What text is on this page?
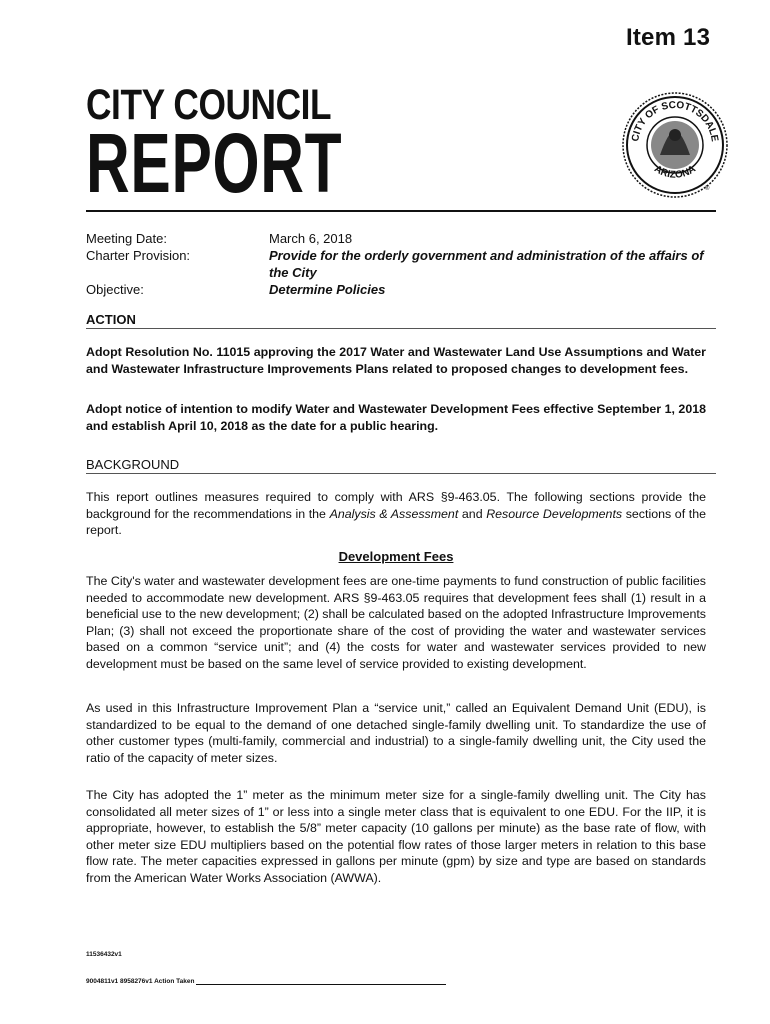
Item 13
CITY COUNCIL
REPORT	CITY OF SCOTTSDALE
ARIZONA
®
Meeting Date:	March 6, 2018
Charter Provision:	Provide for the orderly government and administration of the affairs of the City
Objective:	Determine Policies
ACTION

Adopt Resolution No. 11015 approving the 2017 Water and Wastewater Land Use Assumptions and Water and Wastewater Infrastructure Improvements Plans related to proposed changes to development fees.

Adopt notice of intention to modify Water and Wastewater Development Fees effective September 1, 2018 and establish April 10, 2018 as the date for a public hearing.

BACKGROUND

This report outlines measures required to comply with ARS §9-463.05. The following sections provide the background for the recommendations in the Analysis & Assessment and Resource Developments sections of the report.

Development Fees

The City's water and wastewater development fees are one-time payments to fund construction of public facilities needed to accommodate new development. ARS §9-463.05 requires that development fees shall (1) result in a beneficial use to the new development; (2) shall be calculated based on the adopted Infrastructure Improvements Plan; (3) shall not exceed the proportionate share of the cost of providing the water and wastewater services based on a common “service unit”; and (4) the costs for water and wastewater services provided to new development must be based on the same level of service provided to existing development.

As used in this Infrastructure Improvement Plan a “service unit,” called an Equivalent Demand Unit (EDU), is standardized to be equal to the demand of one detached single-family dwelling unit. To standardize the use of other customer types (multi-family, commercial and industrial) to a single-family dwelling unit, the City used the ratio of the capacity of meter sizes.

The City has adopted the 1” meter as the minimum meter size for a single-family dwelling unit. The City has consolidated all meter sizes of 1” or less into a single meter class that is equivalent to one EDU. For the IIP, it is appropriate, however, to establish the 5/8” meter capacity (10 gallons per minute) as the base rate of flow, with other meter size EDU multipliers based on the potential flow rates of those larger meters in relation to this base flow rate. The meter capacities expressed in gallons per minute (gpm) by size and type are based on standards from the American Water Works Association (AWWA).

11536432v1
9004811v1 8958276v1 Action Taken
